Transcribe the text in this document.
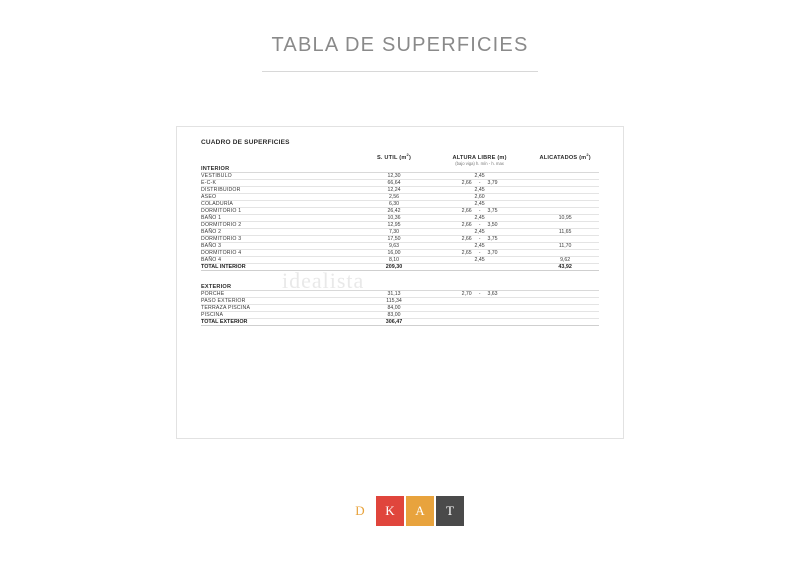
TABLA DE SUPERFICIES
CUADRO DE SUPERFICIES
	S. UTIL $(m^2)$	ALTURA LIBRE (m)	ALICATADOS $(m^2)$
		(bajo viga) h. mín - h. max	
INTERIOR			
VESTIBULO	12,30	2,45	
E-C-K	66,64	2,66 - 3,79	
DISTRIBUIDOR	12,24	2,45	
ASEO	2,56	2,60	
COLADURÍA	6,30	2,45	
DORMITORIO 1	26,42	2,66 - 3,75	
BAÑO 1	10,36	2,45	10,95
DORMITORIO 2	12,95	2,66 - 3,50	
BAÑO 2	7,30	2,45	11,65
DORMITORIO 3	17,50	2,66 - 3,75	
BAÑO 3	9,63	2,45	11,70
DORMITORIO 4	16,00	2,65 - 3,70	
BAÑO 4	8,10	2,45	9,62
TOTAL INTERIOR	209,30		43,92

EXTERIOR			
PORCHE	31,13	2,70 - 3,63	
PASO EXTERIOR	115,34		
TERRAZA PISCINA	84,00		
PISCINA	83,00		
TOTAL EXTERIOR	306,47		
idealista
D	K	A	T
